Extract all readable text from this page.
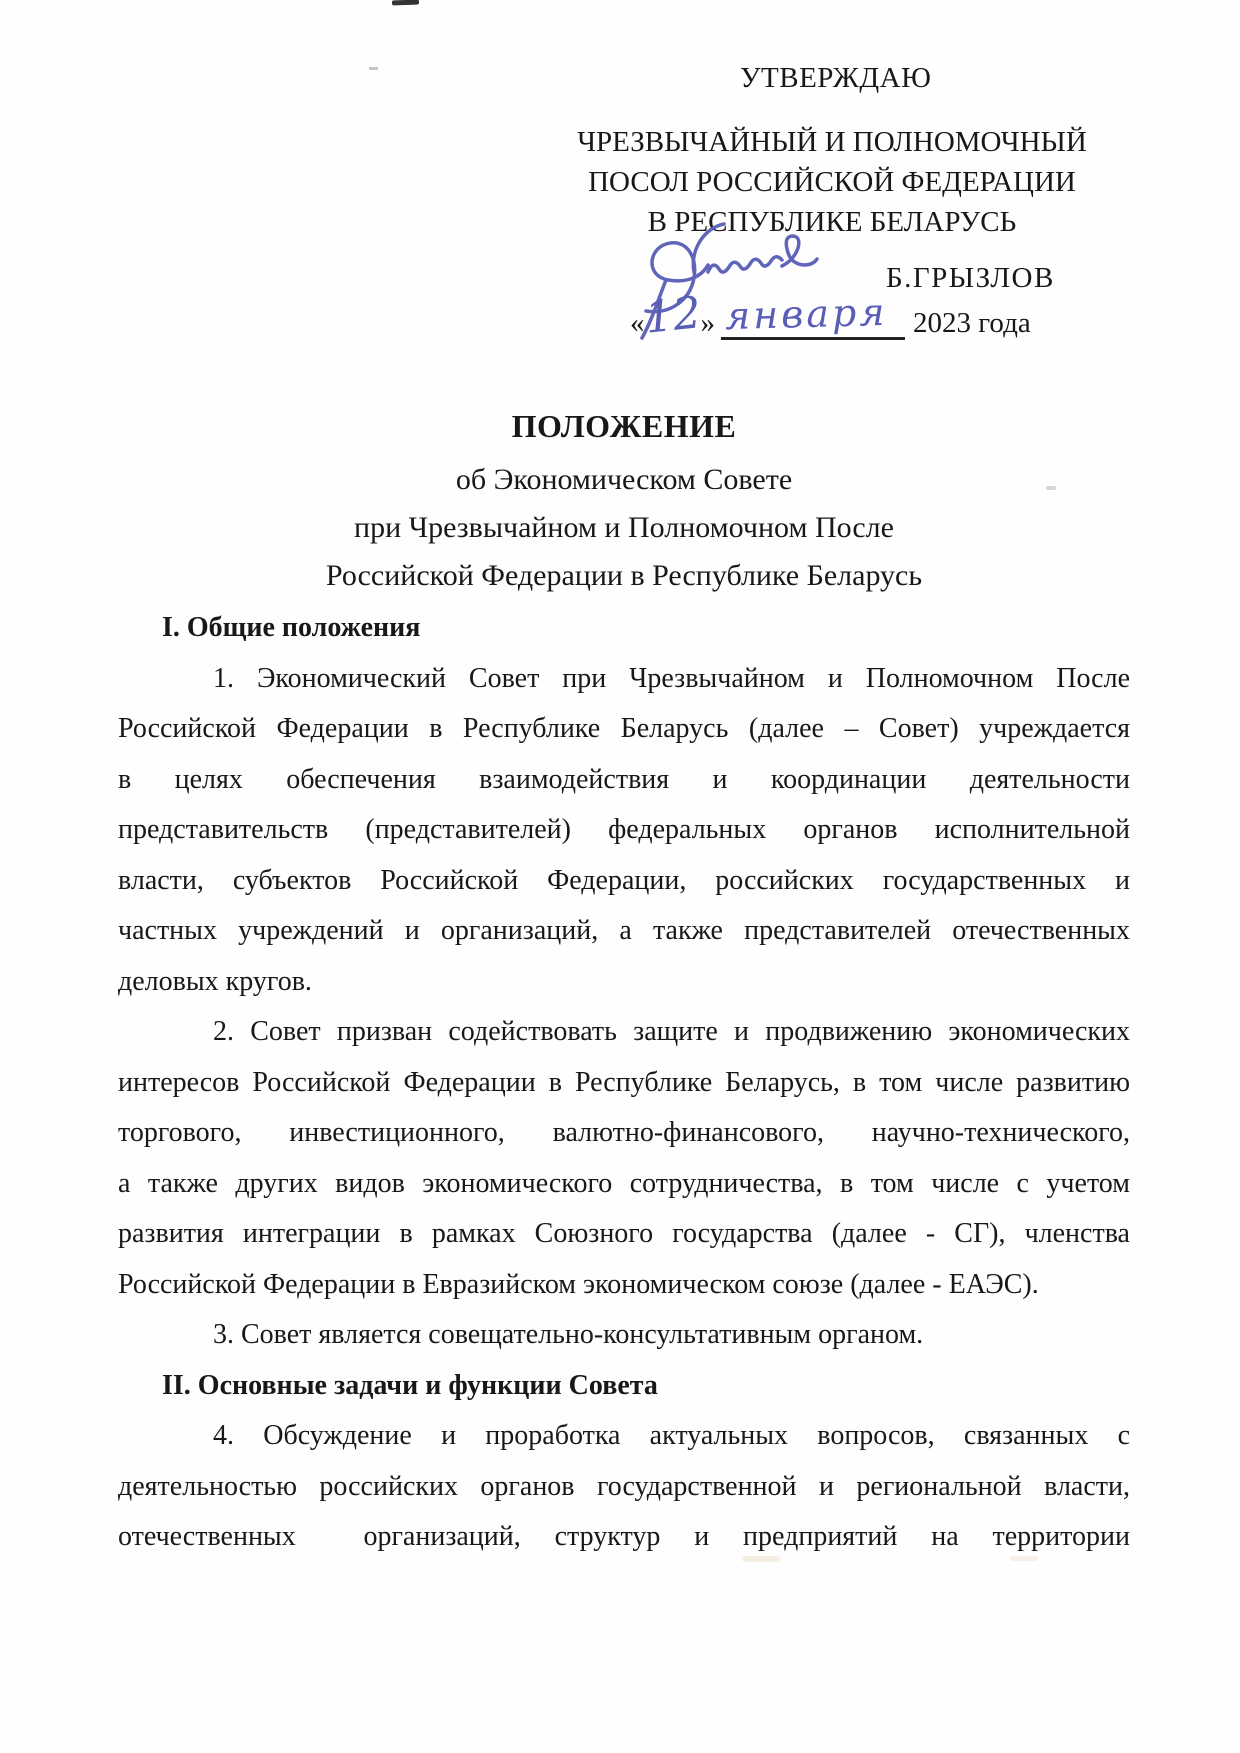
УТВЕРЖДАЮ
ЧРЕЗВЫЧАЙНЫЙ И ПОЛНОМОЧНЫЙ
ПОСОЛ РОССИЙСКОЙ ФЕДЕРАЦИИ
В РЕСПУБЛИКЕ БЕЛАРУСЬ
Б.ГРЫЗЛОВ
«
12
» января 2023 года
ПОЛОЖЕНИЕ
об Экономическом Совете
при Чрезвычайном и Полномочном После
Российской Федерации в Республике Беларусь
I. Общие положения
1. Экономический Совет при Чрезвычайном и Полномочном После
Российской Федерации в Республике Беларусь (далее – Совет) учреждается
в целях обеспечения взаимодействия и координации деятельности
представительств (представителей) федеральных органов исполнительной
власти, субъектов Российской Федерации, российских государственных и
частных учреждений и организаций, а также представителей отечественных
деловых кругов.
2. Совет призван содействовать защите и продвижению экономических
интересов Российской Федерации в Республике Беларусь, в том числе развитию
торгового, инвестиционного, валютно-финансового, научно-технического,
а также других видов экономического сотрудничества, в том числе с учетом
развития интеграции в рамках Союзного государства (далее - СГ), членства
Российской Федерации в Евразийском экономическом союзе (далее - ЕАЭС).
3. Совет является совещательно-консультативным органом.
II. Основные задачи и функции Совета
4. Обсуждение и проработка актуальных вопросов, связанных с
деятельностью российских органов государственной и региональной власти,
отечественных  организаций, структур и предприятий на территории
